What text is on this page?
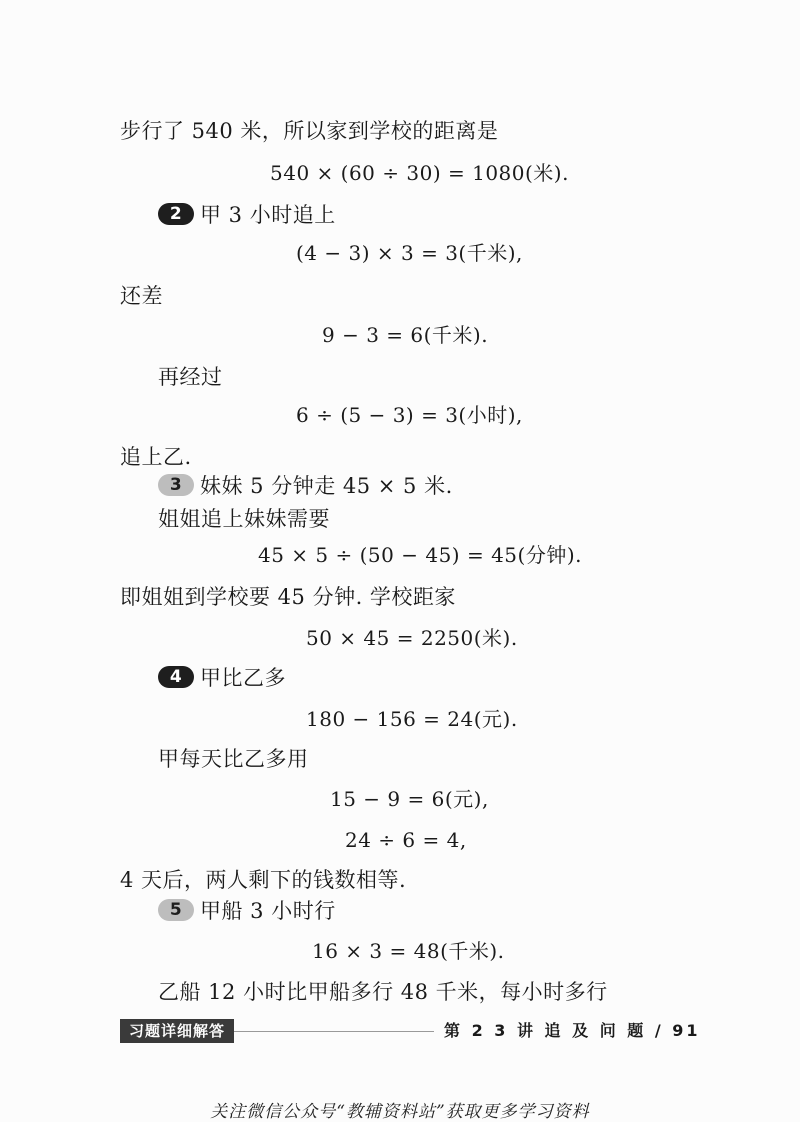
步行了 540 米，所以家到学校的距离是
540 × (60 ÷ 30) = 1080(米).
2 甲 3 小时追上
(4 − 3) × 3 = 3(千米),
还差
9 − 3 = 6(千米).
再经过
6 ÷ (5 − 3) = 3(小时),
追上乙.
3 妹妹 5 分钟走 45 × 5 米.
姐姐追上妹妹需要
45 × 5 ÷ (50 − 45) = 45(分钟).
即姐姐到学校要 45 分钟. 学校距家
50 × 45 = 2250(米).
4 甲比乙多
180 − 156 = 24(元).
甲每天比乙多用
15 − 9 = 6(元),
24 ÷ 6 = 4,
4 天后，两人剩下的钱数相等.
5 甲船 3 小时行
16 × 3 = 48(千米).
乙船 12 小时比甲船多行 48 千米，每小时多行
习题详细解答	第 2 3 讲 追 及 问 题 / 91
关注微信公众号“教辅资料站”获取更多学习资料
